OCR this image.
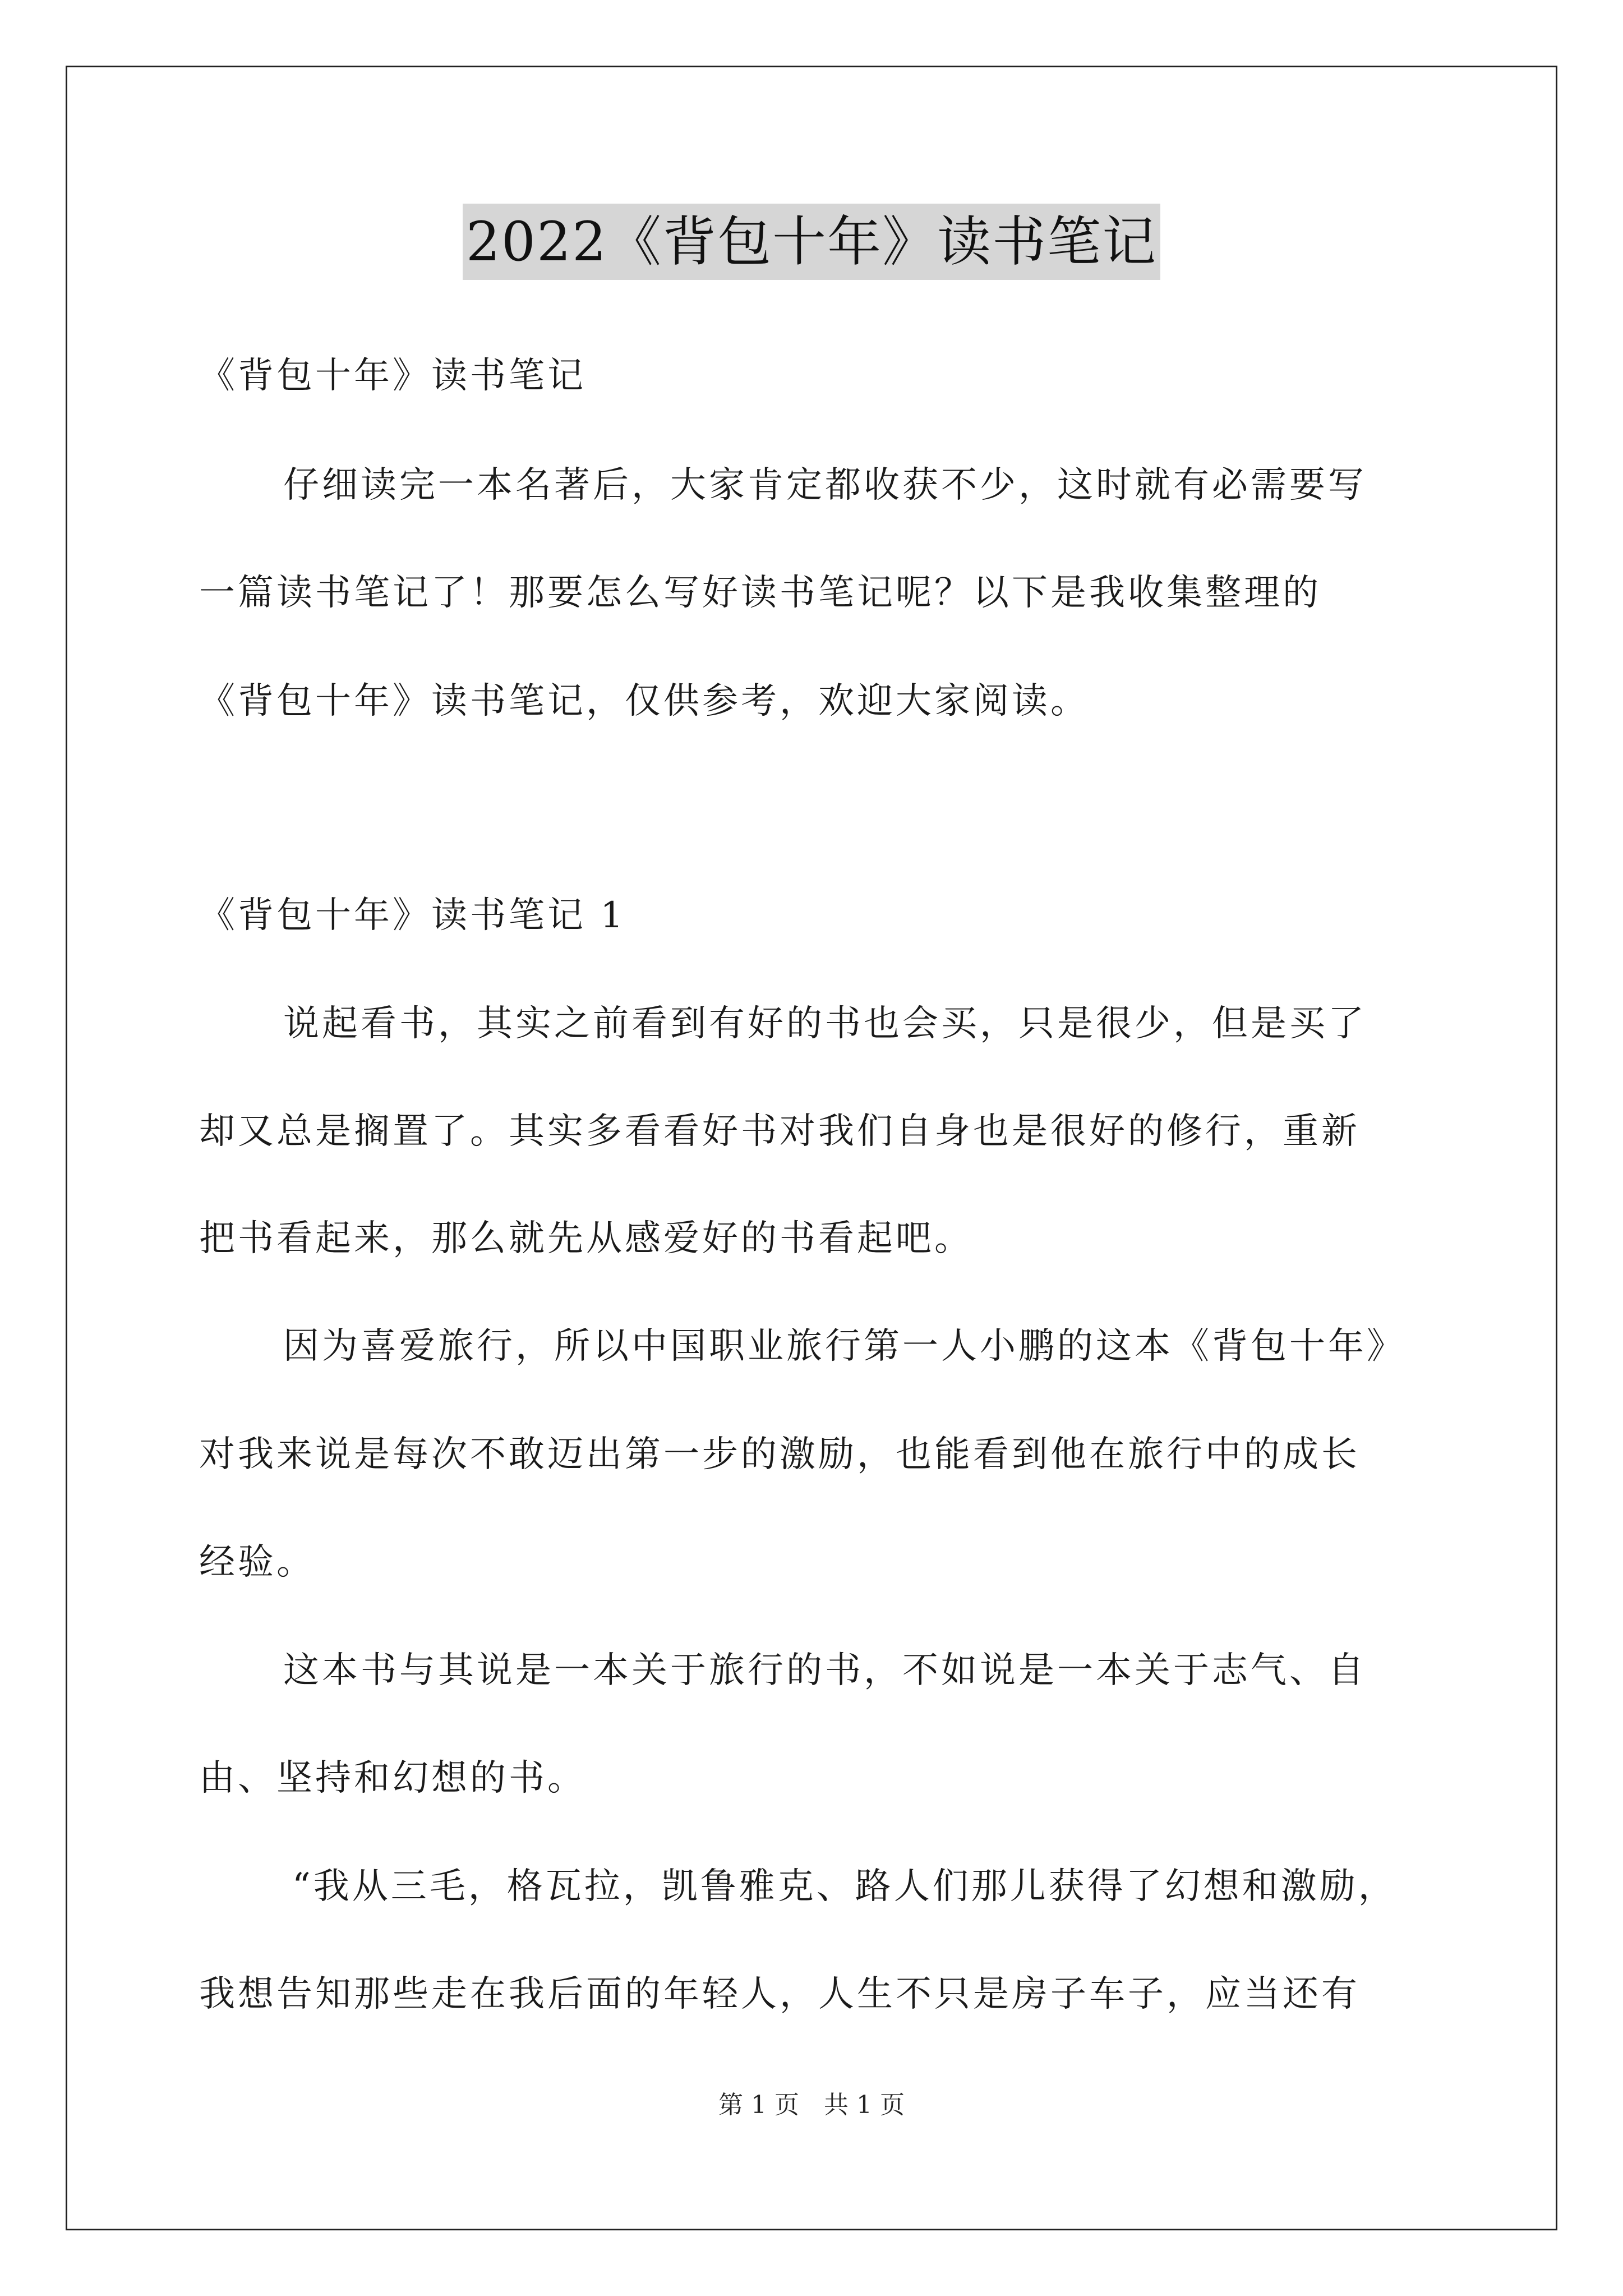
2022《背包十年》读书笔记
《背包十年》读书笔记
仔细读完一本名著后，大家肯定都收获不少，这时就有必需要写
一篇读书笔记了！那要怎么写好读书笔记呢？以下是我收集整理的
《背包十年》读书笔记，仅供参考，欢迎大家阅读。
《背包十年》读书笔记 1
说起看书，其实之前看到有好的书也会买，只是很少，但是买了
却又总是搁置了。其实多看看好书对我们自身也是很好的修行，重新
把书看起来，那么就先从感爱好的书看起吧。
因为喜爱旅行，所以中国职业旅行第一人小鹏的这本《背包十年》
对我来说是每次不敢迈出第一步的激励，也能看到他在旅行中的成长
经验。
这本书与其说是一本关于旅行的书，不如说是一本关于志气、自
由、坚持和幻想的书。
“我从三毛，格瓦拉，凯鲁雅克、路人们那儿获得了幻想和激励，
我想告知那些走在我后面的年轻人，人生不只是房子车子，应当还有
第 1 页　共 1 页
